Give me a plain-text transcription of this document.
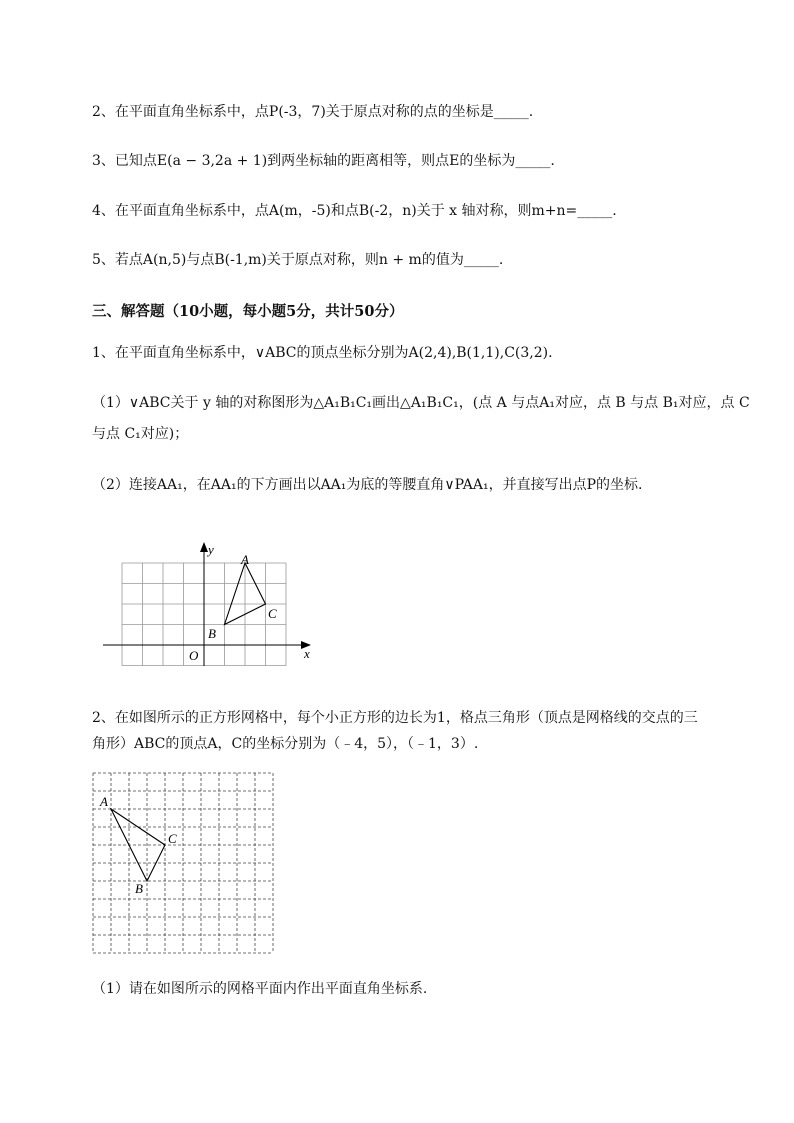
2、在平面直角坐标系中，点P(-3，7)关于原点对称的点的坐标是_____.
3、已知点E(a − 3,2a + 1)到两坐标轴的距离相等，则点E的坐标为_____.
4、在平面直角坐标系中，点A(m，-5)和点B(-2，n)关于 x 轴对称，则m+n=_____.
5、若点A(n,5)与点B(-1,m)关于原点对称，则n + m的值为_____.
三、解答题（10小题，每小题5分，共计50分）
1、在平面直角坐标系中，∨ABC的顶点坐标分别为A(2,4),B(1,1),C(3,2).
（1）∨ABC关于 y 轴的对称图形为△A₁B₁C₁画出△A₁B₁C₁，(点 A 与点A₁对应，点 B 与点 B₁对应，点 C
与点 C₁对应)；
（2）连接AA₁，在AA₁的下方画出以AA₁为底的等腰直角∨PAA₁，并直接写出点P的坐标.
x
y
O
A
B
C
2、在如图所示的正方形网格中，每个小正方形的边长为1，格点三角形（顶点是网格线的交点的三
角形）ABC的顶点A，C的坐标分别为（﹣4，5），（﹣1，3）.
A
B
C
（1）请在如图所示的网格平面内作出平面直角坐标系.
